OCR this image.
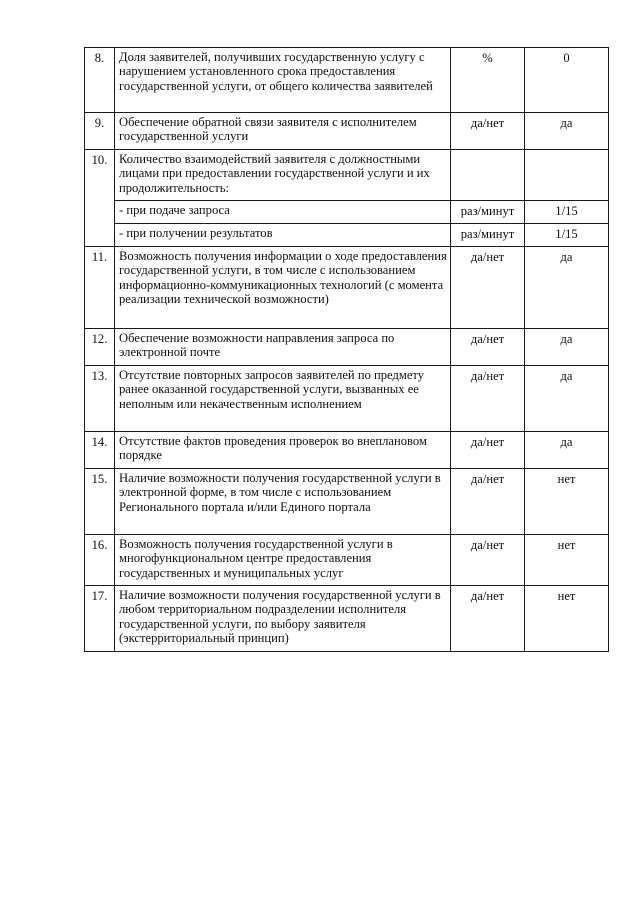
8.	Доля заявителей, получивших государственную услугу с нарушением установленного срока предоставления государственной услуги, от общего количества заявителей	%	0
9.	Обеспечение обратной связи заявителя с исполнителем государственной услуги	да/нет	да
10.	Количество взаимодействий заявителя с должностными лицами при предоставлении государственной услуги и их продолжительность:		
	- при подаче запроса	раз/минут	1/15
	- при получении результатов	раз/минут	1/15
11.	Возможность получения информации о ходе предоставления государственной услуги, в том числе с использованием информационно-коммуникационных технологий (с момента реализации технической возможности)	да/нет	да
12.	Обеспечение возможности направления запроса по электронной почте	да/нет	да
13.	Отсутствие повторных запросов заявителей по предмету ранее оказанной государственной услуги, вызванных ее неполным или некачественным исполнением	да/нет	да
14.	Отсутствие фактов проведения проверок во внеплановом порядке	да/нет	да
15.	Наличие возможности получения государственной услуги в электронной форме, в том числе с использованием Регионального портала и/или Единого портала	да/нет	нет
16.	Возможность получения государственной услуги в многофункциональном центре предоставления государственных и муниципальных услуг	да/нет	нет
17.	Наличие возможности получения государственной услуги в любом территориальном подразделении исполнителя государственной услуги, по выбору заявителя (экстерриториальный принцип)	да/нет	нет
